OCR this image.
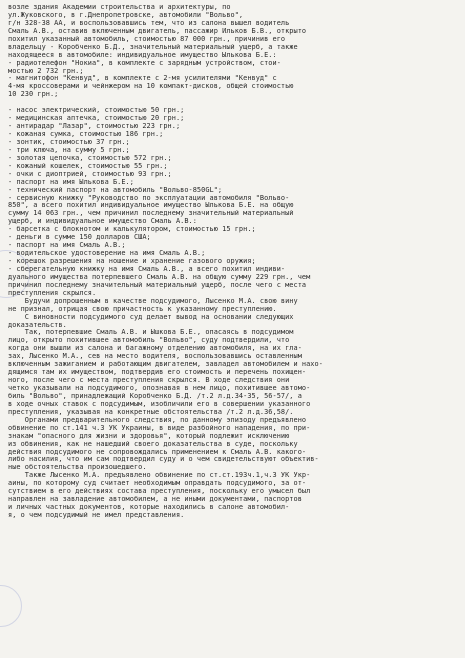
возле здания Академии строительства и архитектуры, по
ул.Жуковского, в г.Днепропетровске, автомобили "Вольво",
г/н 328-38 АА, и воспользовавшись тем, что из салона вышел водитель
Смаль А.В., оставив включенным двигатель, пассажир Ильков Б.В., открыто
похитил указанный автомобиль, стоимостью 87 000 грн., причинив его
владельцу - Коробченко Б.Д., значительный материальный ущерб, а также
находящееся в автомобиле: индивидуальное имущество Ылькова Б.Е.:
- радиотелефон "Нокиа", в комплекте с зарядным устройством, стои-
мостью 2 732 грн.;
- магнитофон "Кенвуд", в комплекте с 2-мя усилителями "Кенвуд" с
4-мя кроссоверами и чейнжером на 10 компакт-дисков, общей стоимостью
10 230 грн.;
- насос электрический, стоимостью 50 грн.;
- медицинская аптечка, стоимостью 20 грн.;
- антирадар "Лазар", стоимостью 223 грн.;
- кожаная сумка, стоимостью 186 грн.;
- зонтик, стоимостью 37 грн.;
- три ключа, на сумму 5 грн.;
- золотая цепочка, стоимостью 572 грн.;
- кожаный кошелек, стоимостью 55 грн.;
- очки с диоптрией, стоимостью 93 грн.;
- паспорт на имя Ылькова Б.Е.;
- технический паспорт на автомобиль "Вольво-850GL";
- сервисную книжку "Руководство по эксплуатации автомобиля "Вольво-
850", а всего похитил индивидуальное имущество Ылькова Б.Е. на общую
сумму 14 063 грн., чем причинил последнему значительный материальный
ущерб, и индивидуальное имущество Смаль А.В.:
- барсетка с блокнотом и калькулятором, стоимостью 15 грн.;
- деньги в сумме 150 долларов США;
- паспорт на имя Смаль А.В.;
- водительское удостоверение на имя Смаль А.В.;
- корешок разрешения на ношение и хранение газового оружия;
- сберегательную книжку на имя Смаль А.В., а всего похитил индиви-
дуального имущества потерпевшего Смаль А.В. на общую сумму 229 грн., чем
причинил последнему значительный материальный ущерб, после чего с места
преступления скрылся.
Будучи допрошенным в качестве подсудимого, Лысенко М.А. свою вину
не признал, отрицая свою причастность к указанному преступлению.
С виновности подсудимого суд делает вывод на основании следующих
доказательств.
Так, потерпевшие Смаль А.В. и Ышкова Б.Е., опасаясь в подсудимом
лицо, открыто похитившее автомобиль "Вольво", суду подтвердили, что
когда они вышли из салона и багажному отделению автомобиля, на их гла-
зах, Лысенко М.А., сев на место водителя, воспользовавшись оставленным
включенным зажиганием и работающим двигателем, завладел автомобилем и нахо-
дящимся там их имуществом, подтвердив его стоимость и перечень похищен-
ного, после чего с места преступления скрылся. В ходе следствия они
четко указывали на подсудимого, опознавая в нем лицо, похитившее автомо-
биль "Вольво", принадлежащий Коробченко Б.Д. /т.2 л.д.34-35, 56-57/, а
в ходе очных ставок с подсудимым, изобличили его в совершении указанного
преступления, указывая на конкретные обстоятельства /т.2 л.д.36,58/.
Органами предварительного следствия, по данному эпизоду предъявлено
обвинение по ст.141 ч.3 УК Украины, в виде разбойного нападения, по при-
знакам "опасного для жизни и здоровья", который подлежит исключению
из обвинения, как не нашедший своего доказательства в суде, поскольку
действия подсудимого не сопровождались применением к Смаль А.В. какого-
либо насилия, что им сам подтвердил суду и о чем свидетельствуют объектив-
ные обстоятельства произошедшего.
Также Лысенко М.А. предъявлено обвинение по ст.ст.193ч.1,ч.3 УК Укр-
аины, по которому суд считает необходимым оправдать подсудимого, за от-
сутствием в его действиях состава преступления, поскольку его умысел был
направлен на завладение автомобилем, а не иными документами, паспортов
и личных частных документов, которые находились в салоне автомобил-
я, о чем подсудимый не имел представления.
